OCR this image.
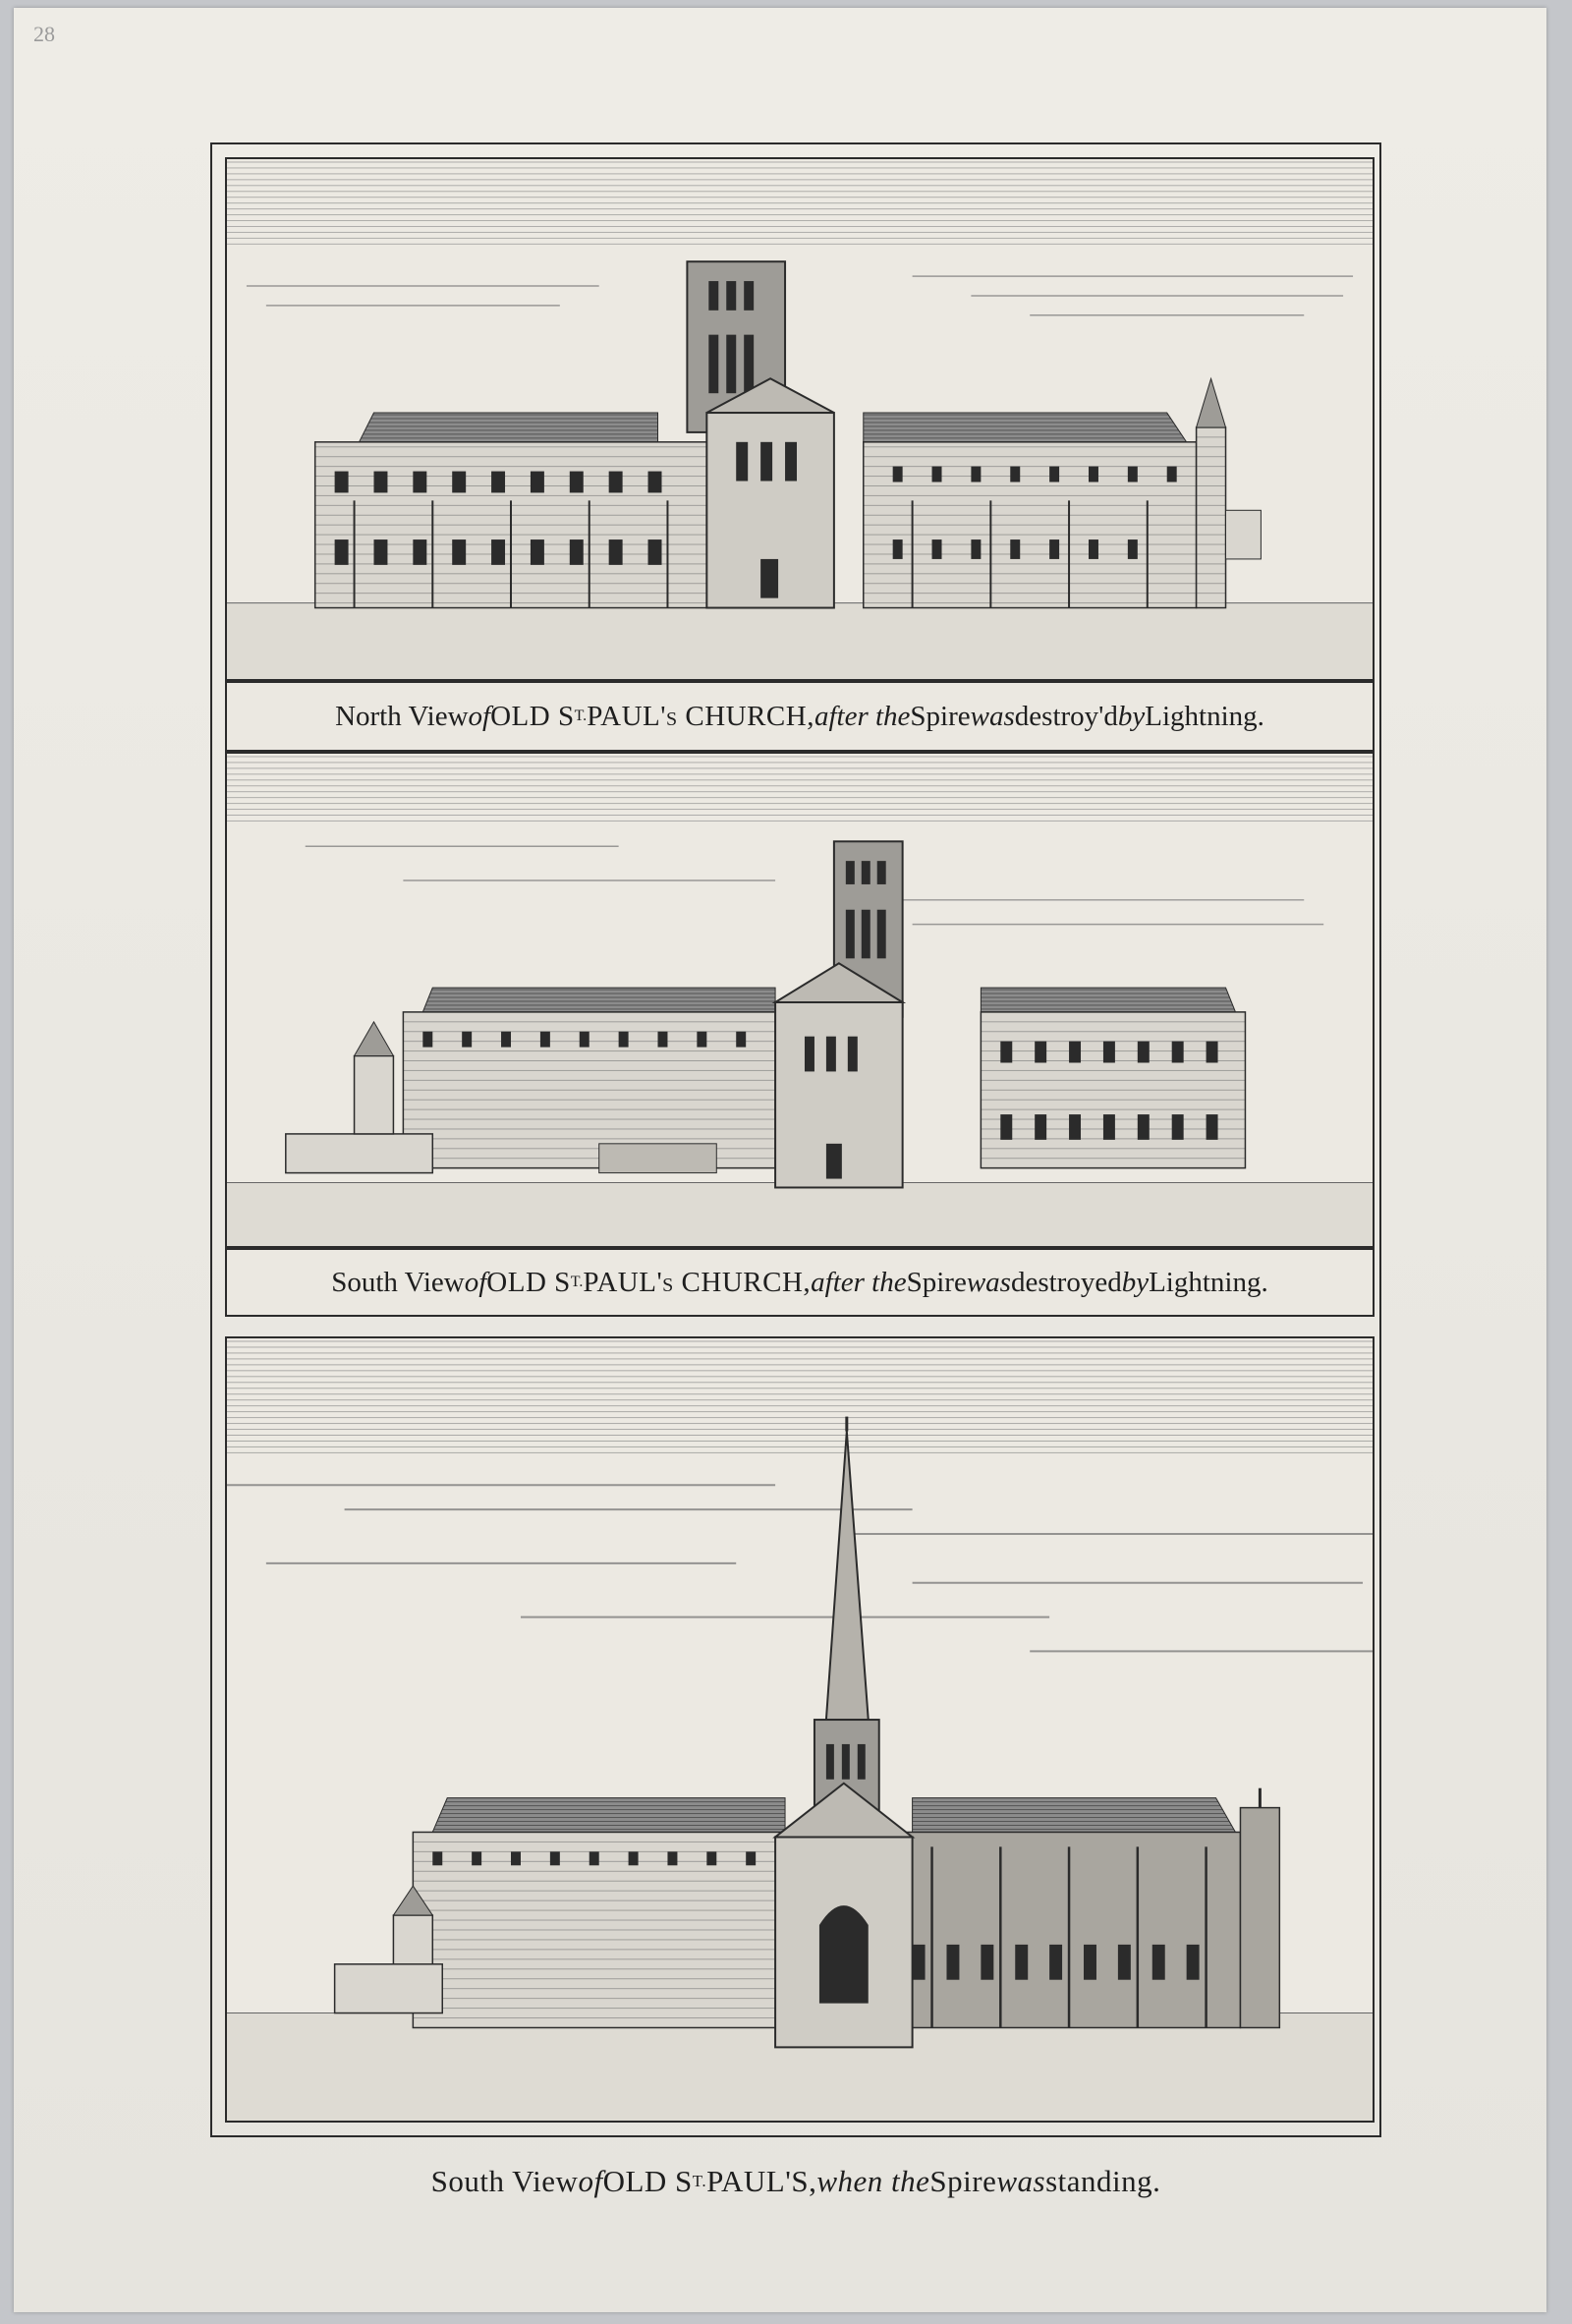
28
North View of OLD S T. PAUL's CHURCH, after the Spire was destroy'd by Lightning.
South View of OLD S T. PAUL's CHURCH, after the Spire was destroyed by Lightning.
South View of OLD S T. PAUL'S, when the Spire was standing.
